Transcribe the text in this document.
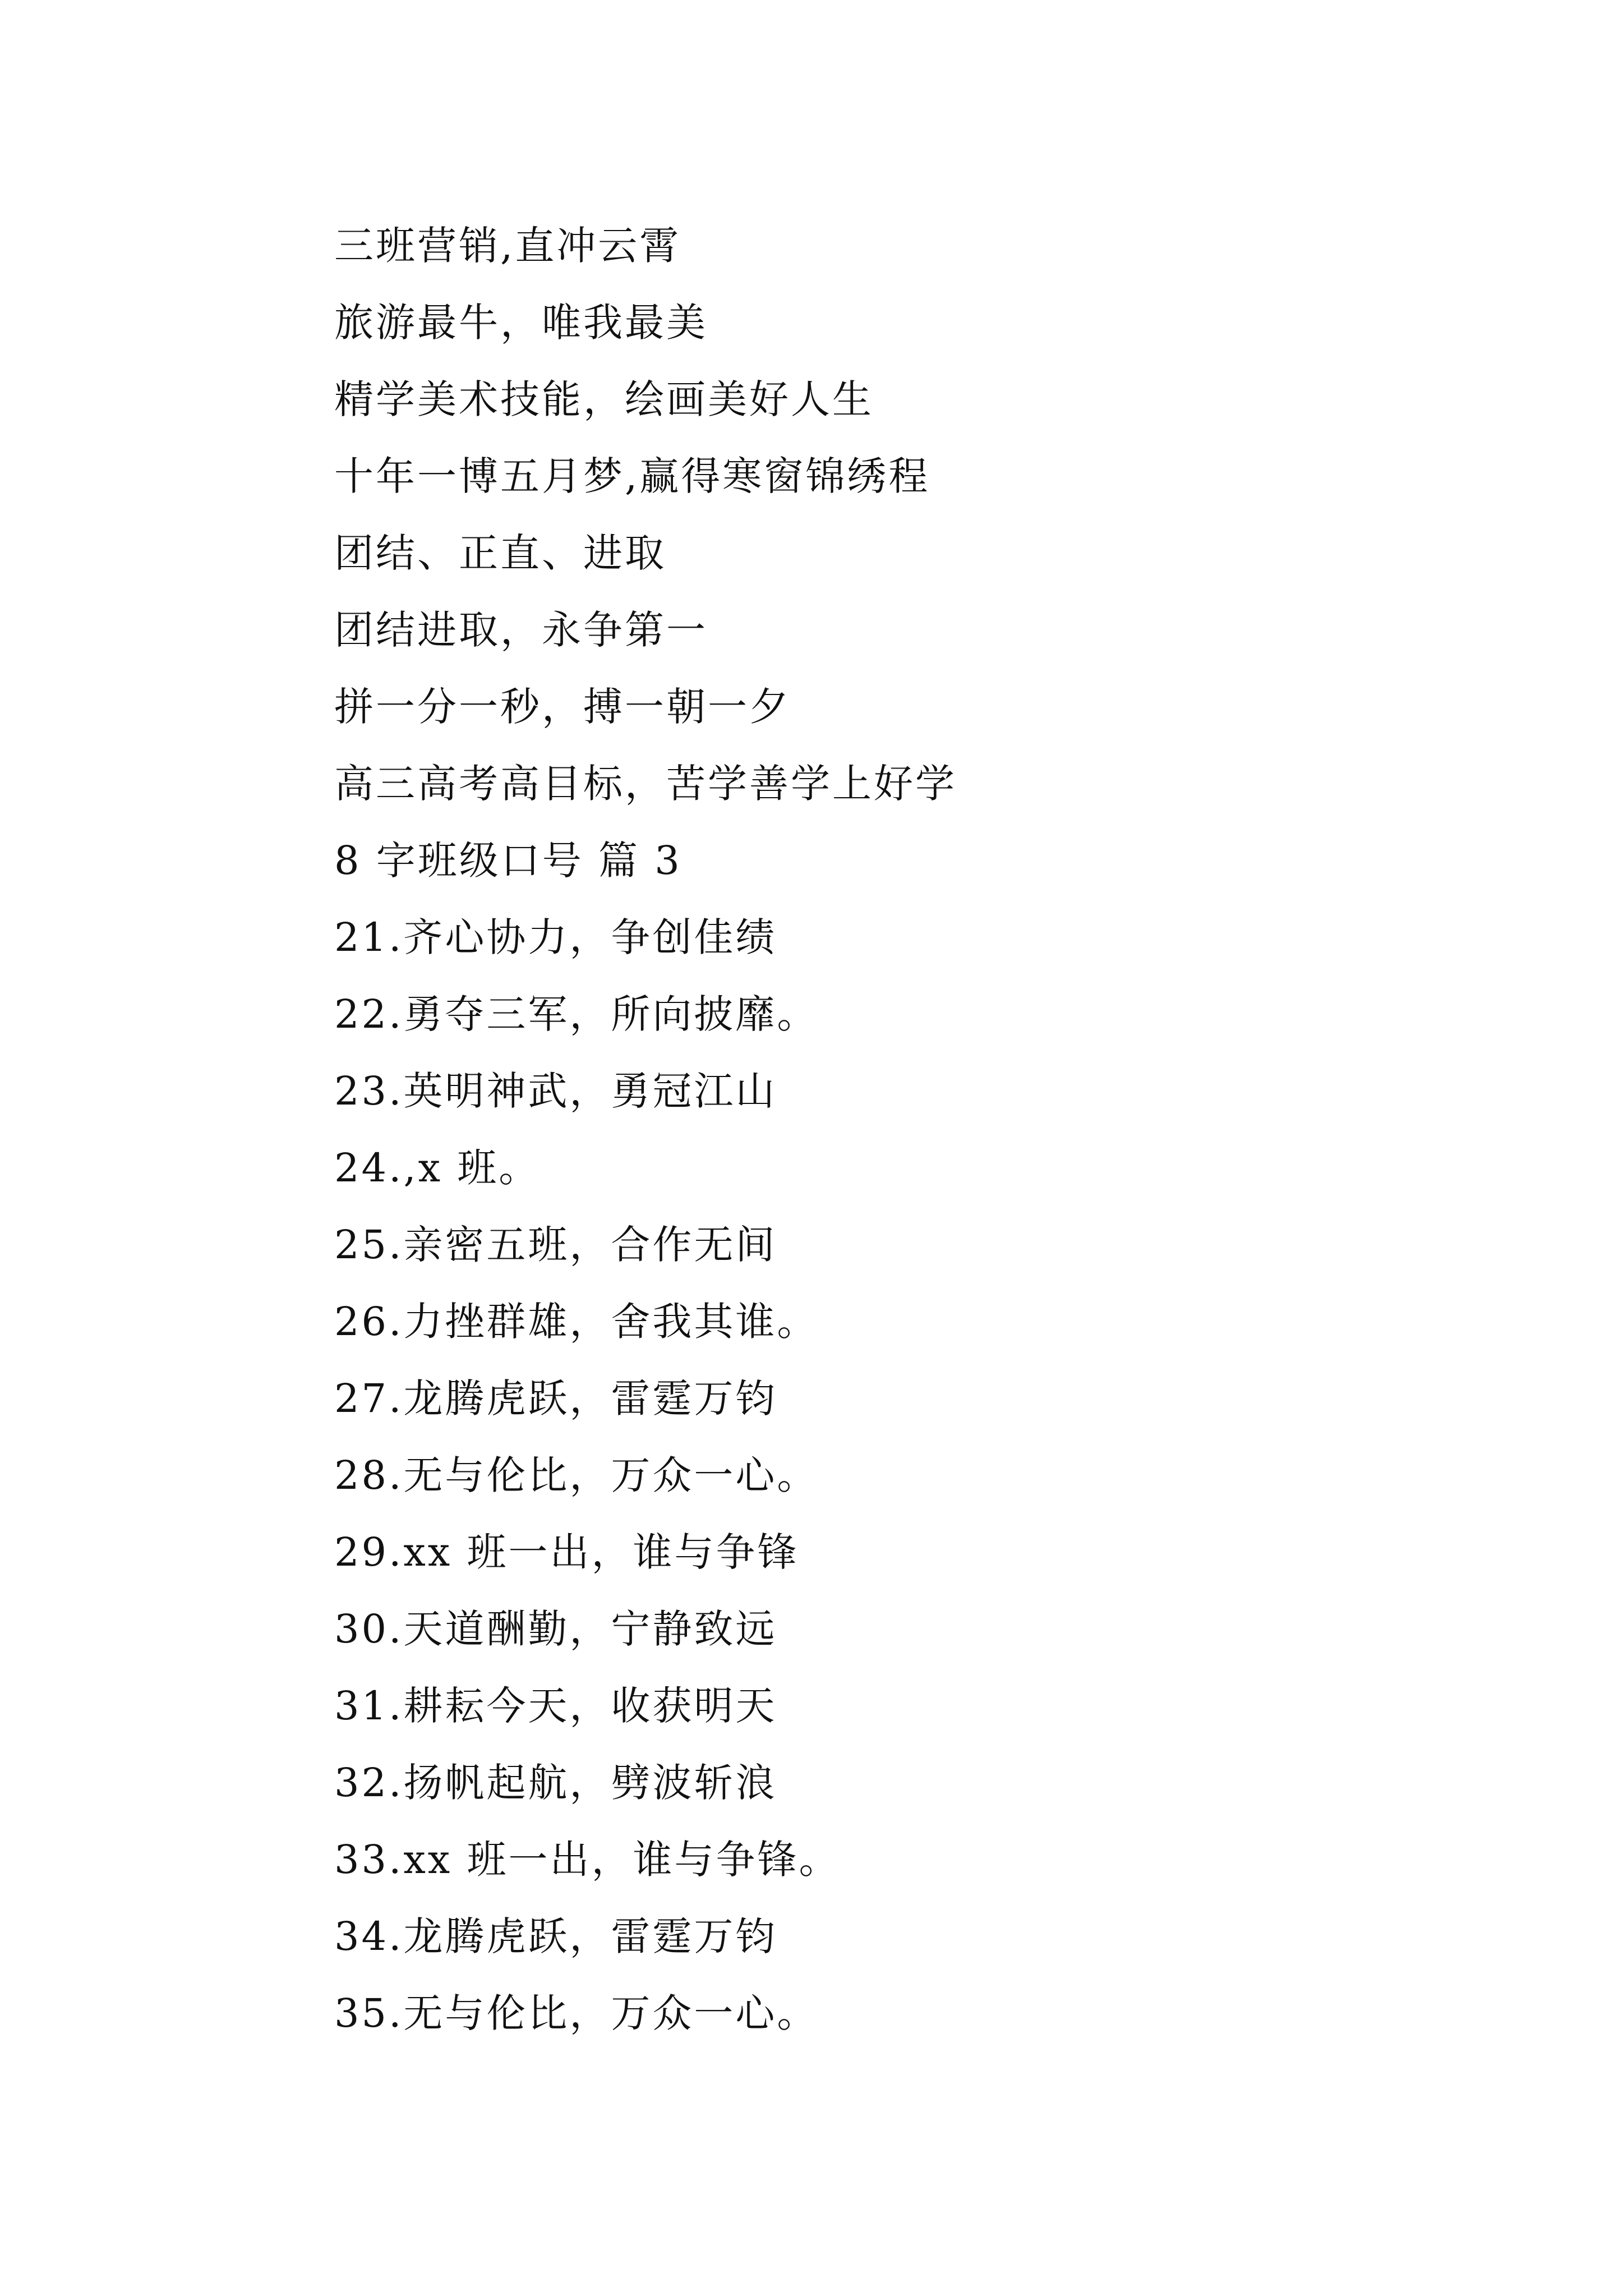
三班营销,直冲云霄
旅游最牛，唯我最美
精学美术技能，绘画美好人生
十年一博五月梦,赢得寒窗锦绣程
团结、正直、进取
团结进取，永争第一
拼一分一秒，搏一朝一夕
高三高考高目标，苦学善学上好学
8 字班级口号 篇 3
21.齐心协力，争创佳绩
22.勇夺三军，所向披靡。
23.英明神武，勇冠江山
24.,x 班。
25.亲密五班，合作无间
26.力挫群雄，舍我其谁。
27.龙腾虎跃，雷霆万钧
28.无与伦比，万众一心。
29.xx 班一出，谁与争锋
30.天道酬勤，宁静致远
31.耕耘今天，收获明天
32.扬帆起航，劈波斩浪
33.xx 班一出，谁与争锋。
34.龙腾虎跃，雷霆万钧
35.无与伦比，万众一心。
